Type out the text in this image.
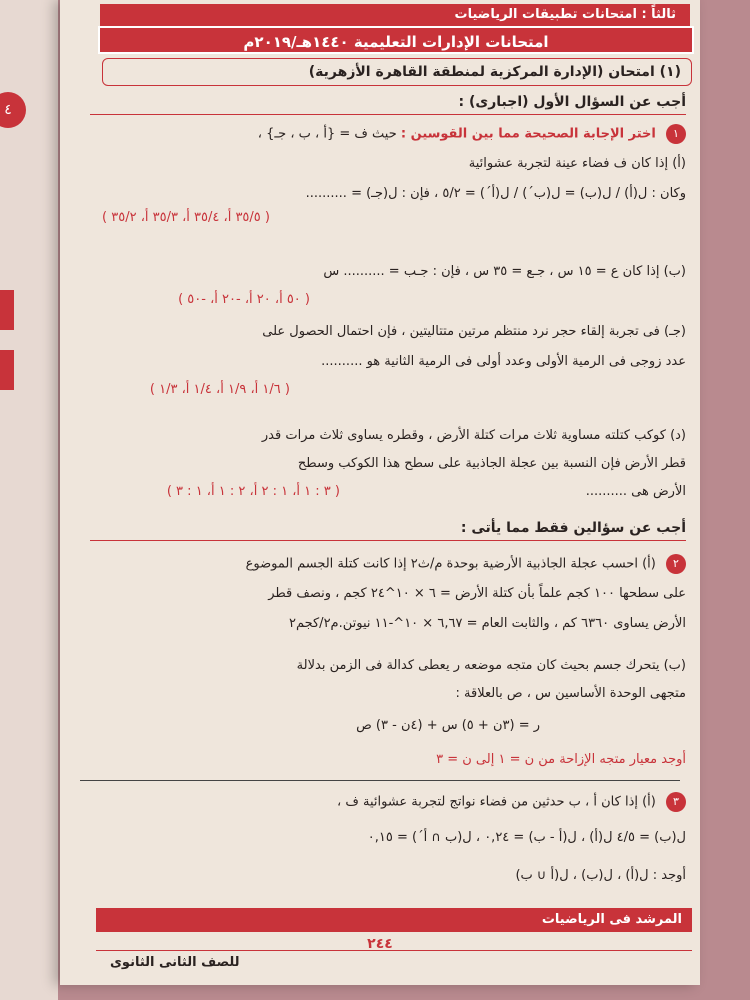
٤
ثالثاً : امتحانات تطبيقات الرياضيات
امتحانات الإدارات التعليمية ١٤٤٠هـ/٢٠١٩م
(١) امتحان (الإدارة المركزية لمنطقة القاهرة الأزهرية)
أجب عن السؤال الأول (اجبارى) :
١ اختر الإجابة الصحيحة مما بين القوسين : حيث ف = {أ ، ب ، جـ} ،
(أ) إذا كان ف فضاء عينة لتجربة عشوائية
وكان : ل(أ) / ل(ب) = ل(ب´) / ل(أ´) = ٥/٢ ، فإن : ل(جـ) = ..........
( ٣٥/٥ أ، ٣٥/٤ أ، ٣٥/٣ أ، ٣٥/٢ )
(ب) إذا كان ع = ١٥ س ، جـع = ٣٥ س ، فإن : جـب = .......... س
( ٥٠ أ، ٢٠ أ، -٢٠ أ، -٥٠ )
(جـ) فى تجربة إلقاء حجر نرد منتظم مرتين متتاليتين ، فإن احتمال الحصول على
عدد زوجى فى الرمية الأولى وعدد أولى فى الرمية الثانية هو ..........
( ١/٦ أ، ١/٩ أ، ١/٤ أ، ١/٣ )
(د) كوكب كتلته مساوية ثلاث مرات كتلة الأرض ، وقطره يساوى ثلاث مرات قدر
قطر الأرض فإن النسبة بين عجلة الجاذبية على سطح هذا الكوكب وسطح
الأرض هى ..........
( ٣ : ١ أ، ١ : ٢ أ، ٢ : ١ أ، ١ : ٣ )
أجب عن سؤالين فقط مما يأتى :
٢ (أ) احسب عجلة الجاذبية الأرضية بوحدة م/ث٢ إذا كانت كتلة الجسم الموضوع
على سطحها ١٠٠ كجم علماً بأن كتلة الأرض = ٦ × ١٠^٢٤ كجم ، ونصف قطر
الأرض يساوى ٦٣٦٠ كم ، والثابت العام = ٦,٦٧ × ١٠^-١١ نيوتن.م٢/كجم٢
(ب) يتحرك جسم بحيث كان متجه موضعه ر يعطى كدالة فى الزمن بدلالة
متجهى الوحدة الأساسين س ، ص بالعلاقة :
ر = (٣ن + ٥) س + (٤ن - ٣) ص
أوجد معيار متجه الإزاحة من ن = ١ إلى ن = ٣
٣ (أ) إذا كان أ ، ب حدثين من فضاء نواتج لتجربة عشوائية ف ،
ل(ب) = ٤/٥ ل(أ) ، ل(أ - ب) = ٠,٢٤ ، ل(ب ∩ أ´) = ٠,١٥
أوجد : ل(أ) ، ل(ب) ، ل(أ ∪ ب)
المرشد فى الرياضيات
٢٤٤
للصف الثانى الثانوى
